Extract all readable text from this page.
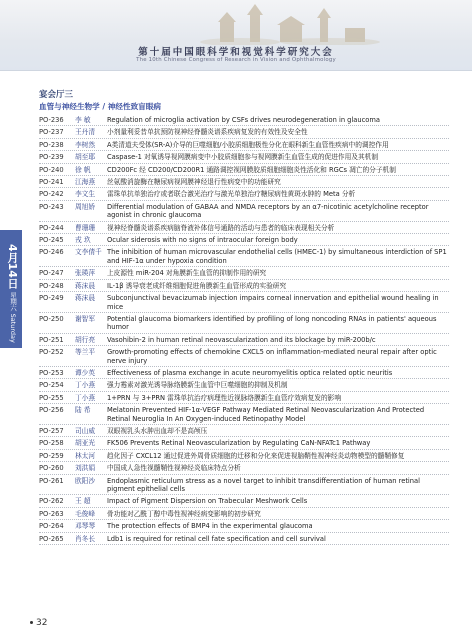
第十届中国眼科学和视觉科学研究大会
The 10th Chinese Congress of Research in Vision and Ophthalmology
4月14日
星期六 Saturday
宴会厅三
血管与神经生物学 / 神经性致盲眼病
PO-236	李 敏	Regulation of microglia activation by CSFs drives neurodegeneration in glaucoma
PO-237	王丹清	小剂量利妥昔单抗预防视神经脊髓炎谱系疾病复发的有效性及安全性
PO-238	李树然	A类清道夫受体(SR-A)介导的巨噬细胞/小胶质细胞极性分化在眼科新生血管性疾病中的调控作用
PO-239	胡至耶	Caspase-1 对氧诱导视网膜病变中小胶质细胞参与视网膜新生血管生成的促进作用及其机制
PO-240	徐 帆	CD200Fc 经 CD200/CD200R1 通路调控视网膜胶质细胞细胞炎性活化和 RGCs 凋亡的分子机制
PO-241	江海燕	丝氨酸消旋酶在糖尿病视网膜神经退行性病变中的功能研究
PO-242	李文生	雷珠单抗单独治疗或者联合激光治疗与激光单独治疗糖尿病性黄斑水肿的 Meta 分析
PO-243	周旭娇	Differential modulation of GABAA and NMDA receptors by an α7-nicotinic acetylcholine receptor agonist in chronic glaucoma
PO-244	曹珊珊	视神经脊髓炎谱系疾病脑脊液补体信号通路的活动与患者的临床表现相关分析
PO-245	戎 玖	Ocular siderosis with no signs of intraocular foreign body
PO-246	文李倩千 The inhibition of human microvascular endothelial cells (HMEC-1) by simultaneous interdiction of SP1 and HIF-1α under hypoxia condition
PO-247	张瑛萍	上皮源性 miR-204 对角膜新生血管的抑制作用的研究
PO-248	蒋沫晨	IL-1β 诱导衰老成纤维细胞促进角膜新生血管形成的实验研究
PO-249	蒋沫晨	Subconjunctival bevacizumab injection impairs corneal innervation and epithelial wound healing in mice
PO-250	谢智军	Potential glaucoma biomarkers identified by profiling of long noncoding RNAs in patients' aqueous humor
PO-251	胡行亮	Vasohibin-2 in human retinal neovascularization and its blockage by miR-200b/c
PO-252	等兰平	Growth-promoting effects of chemokine CXCL5 on inflammation-mediated neural repair after optic nerve injury
PO-253	谭少英	Effectiveness of plasma exchange in acute neuromyelitis optica related optic neuritis
PO-254	丁小燕	强力霉素对激光诱导脉络膜新生血管中巨噬细胞的抑制及机制
PO-255	丁小燕	1+PRN 与 3+PRN 雷珠单抗治疗病理性近视脉络膜新生血管疗效病复发的影响
PO-256	陆 希	Melatonin Prevented HIF-1α-VEGF Pathway Mediated Retinal Neovascularization And Protected Retinal Neuroglia In An Oxygen-induced Retinopathy Model
PO-257	司山威	双眼视乳头水肿出血却不是高颅压
PO-258	胡亚光	FK506 Prevents Retinal Neovascularization by Regulating CaN-NFATc1 Pathway
PO-259	林太河	趋化因子 CXCL12 通过促进外周骨质细胞的迁移和分化来促进视脑鞘性视神经炎动物模型的髓鞘修复
PO-260	刘洪娟	中国成人急性视髓鞘性视神经炎临床特点分析
PO-261	欧阳沙	Endoplasmic reticulum stress as a novel target to inhibit transdifferentiation of human retinal pigment epithelial cells
PO-262	王 超	Impact of Pigment Dispersion on Trabecular Meshwork Cells
PO-263	毛俊峰	骨功能对乙酰丁醇中毒性视神经病变影响的初步研究
PO-264	邓琴琴	The protection effects of BMP4 in the experimental glaucoma
PO-265	肖冬长	Ldb1 is required for retinal cell fate specification and cell survival
32
